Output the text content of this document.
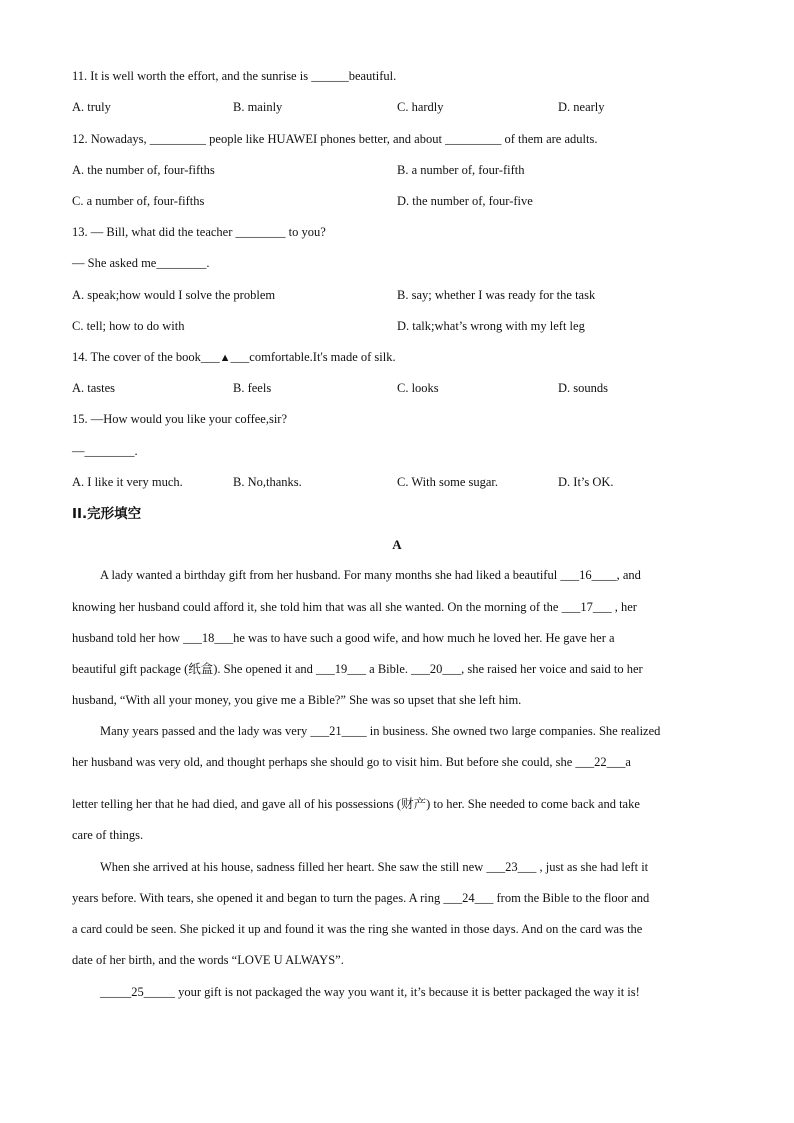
11. It is well worth the effort, and the sunrise is ______beautiful.
A. truly	B. mainly	C. hardly	D. nearly
12. Nowadays, _________ people like HUAWEI phones better, and about _________ of them are adults.
A. the number of, four-fifths	B. a number of, four-fifth
C. a number of, four-fifths	D. the number of, four-five
13. — Bill, what did the teacher ________ to you?
— She asked me________.
A. speak;how would I solve the problem	B. say; whether I was ready for the task
C. tell; how to do with	D. talk;what’s wrong with my left leg
14. The cover of the book___▲___comfortable.It's made of silk.
A. tastes	B. feels	C. looks	D. sounds
15. —How would you like your coffee,sir?
—________.
A. I like it very much.	B. No,thanks.	C. With some sugar.	D. It’s OK.
II.完形填空
A
A lady wanted a birthday gift from her husband. For many months she had liked a beautiful ___16____, and
knowing her husband could afford it, she told him that was all she wanted. On the morning of the ___17___ , her
husband told her how ___18___he was to have such a good wife, and how much he loved her. He gave her a
beautiful gift package (纸盒). She opened it and ___19___ a Bible. ___20___, she raised her voice and said to her
husband, “With all your money, you give me a Bible?” She was so upset that she left him.
Many years passed and the lady was very ___21____ in business. She owned two large companies. She realized
her husband was very old, and thought perhaps she should go to visit him. But before she could, she ___22___a
letter telling her that he had died, and gave all of his possessions (财产) to her. She needed to come back and take
care of things.
When she arrived at his house, sadness filled her heart. She saw the still new ___23___ , just as she had left it
years before. With tears, she opened it and began to turn the pages. A ring ___24___ from the Bible to the floor and
a card could be seen. She picked it up and found it was the ring she wanted in those days. And on the card was the
date of her birth, and the words “LOVE U ALWAYS”.
_____25_____ your gift is not packaged the way you want it, it’s because it is better packaged the way it is!
